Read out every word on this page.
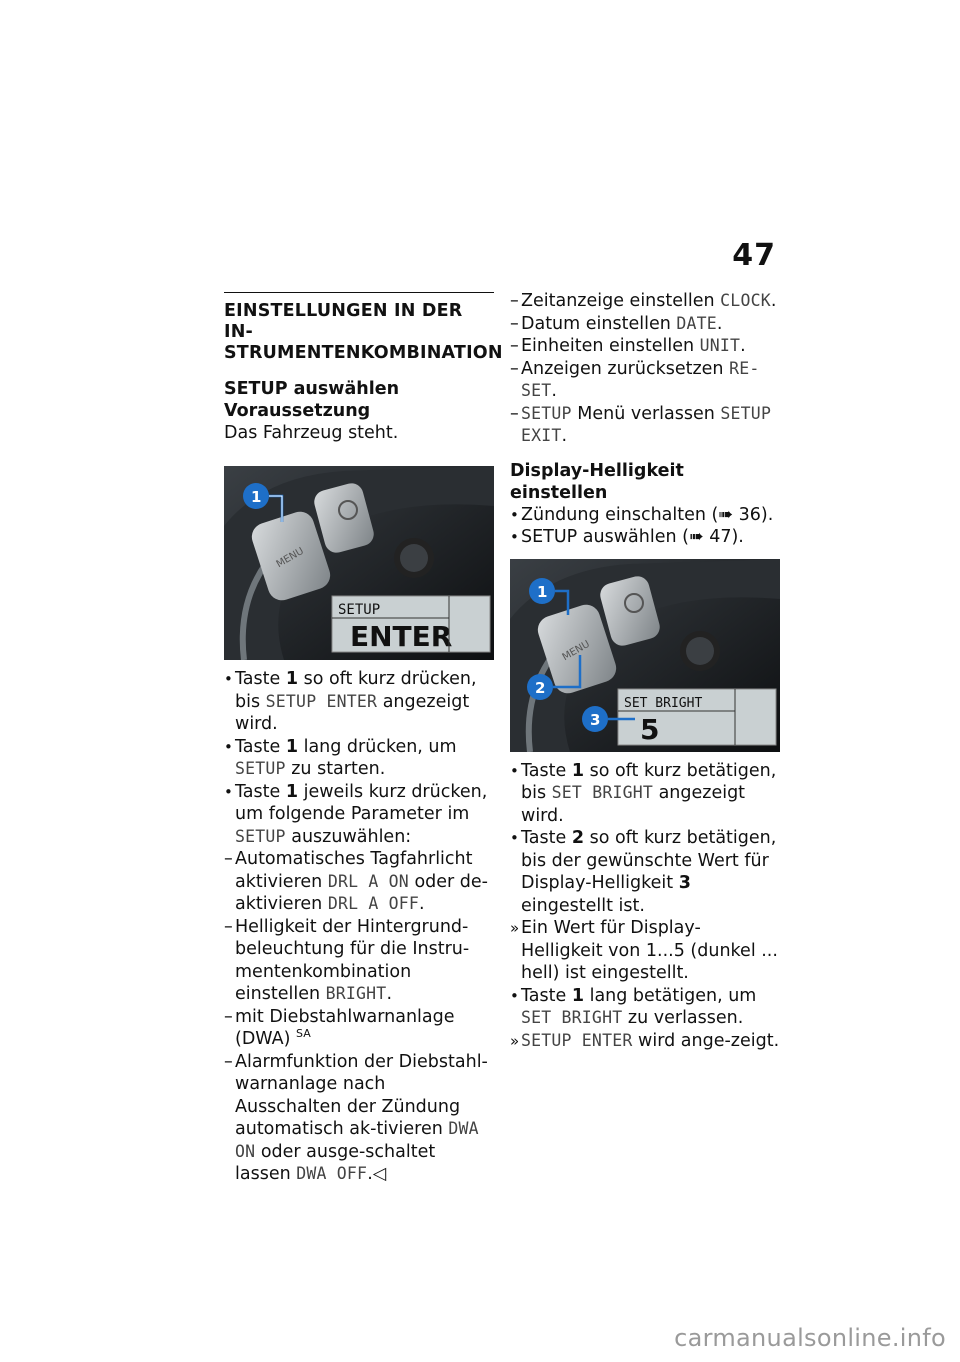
47
EINSTELLUNGEN IN DER IN-STRUMENTENKOMBINATION
SETUP auswählen
Voraussetzung
Das Fahrzeug steht.
MENU
SETUP
ENTER
1
• Taste 1 so oft kurz drücken, bis SETUP ENTER angezeigt wird.
• Taste 1 lang drücken, um SETUP zu starten.
• Taste 1 jeweils kurz drücken, um folgende Parameter im SETUP auszuwählen:
– Automatisches Tagfahrlicht aktivieren DRL A ON oder de-aktivieren DRL A OFF.
– Helligkeit der Hintergrund-beleuchtung für die Instru-mentenkombination einstellen BRIGHT.
– mit Diebstahlwarnanlage (DWA) $^{SA}$
– Alarmfunktion der Diebstahl-warnanlage nach Ausschalten der Zündung automatisch ak-tivieren DWA ON oder ausge-schaltet lassen DWA OFF.◁
– Zeitanzeige einstellen CLOCK.
– Datum einstellen DATE.
– Einheiten einstellen UNIT.
– Anzeigen zurücksetzen RE-SET.
– SETUP Menü verlassen SETUP EXIT.
Display-Helligkeit einstellen
• Zündung einschalten (➠ 36).
• SETUP auswählen (➠ 47).
MENU
SET BRIGHT
5
1
2
3
• Taste 1 so oft kurz betätigen, bis SET BRIGHT angezeigt wird.
• Taste 2 so oft kurz betätigen, bis der gewünschte Wert für Display-Helligkeit 3 eingestellt ist.
» Ein Wert für Display-Helligkeit von 1...5 (dunkel ... hell) ist eingestellt.
• Taste 1 lang betätigen, um SET BRIGHT zu verlassen.
» SETUP ENTER wird ange-zeigt.
carmanualsonline.info
